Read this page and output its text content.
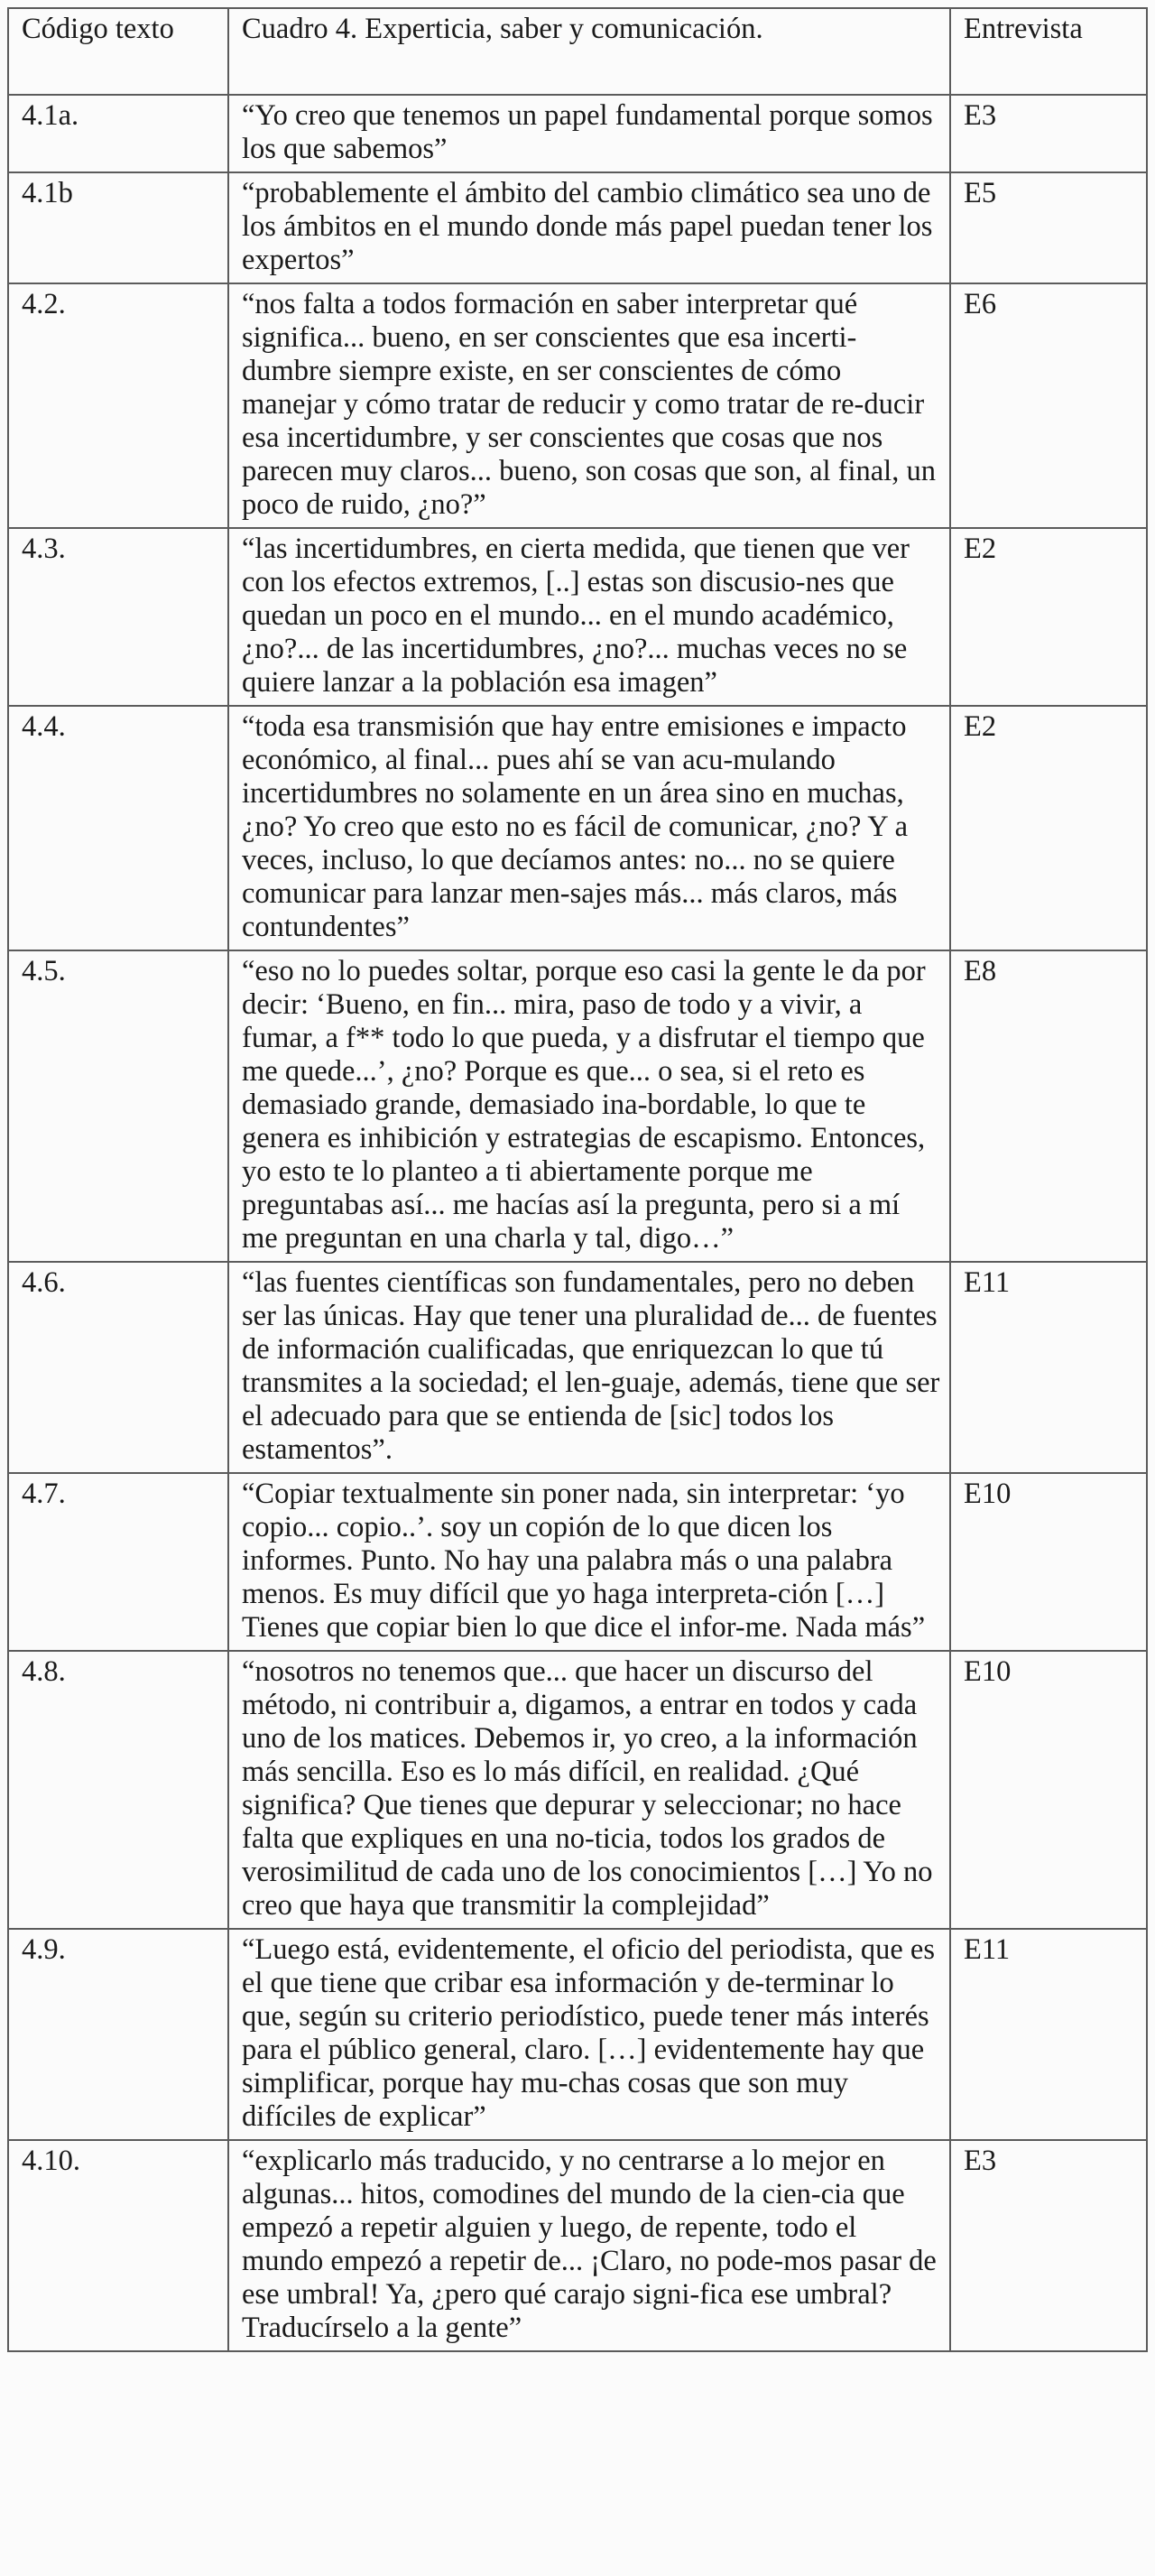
Código texto	Cuadro 4. Experticia, saber y comunicación.	Entrevista
4.1a.	“Yo creo que tenemos un papel fundamental porque somos los que sabemos”	E3
4.1b	“probablemente el ámbito del cambio climático sea uno de los ámbitos en el mundo donde más papel puedan tener los expertos”	E5
4.2.	“nos falta a todos formación en saber interpretar qué significa... bueno, en ser conscientes que esa incerti-dumbre siempre existe, en ser conscientes de cómo manejar y cómo tratar de reducir y como tratar de re-ducir esa incertidumbre, y ser conscientes que cosas que nos parecen muy claros... bueno, son cosas que son, al final, un poco de ruido, ¿no?”	E6
4.3.	“las incertidumbres, en cierta medida, que tienen que ver con los efectos extremos, [..] estas son discusio-nes que quedan un poco en el mundo... en el mundo académico, ¿no?... de las incertidumbres, ¿no?... muchas veces no se quiere lanzar a la población esa imagen”	E2
4.4.	“toda esa transmisión que hay entre emisiones e impacto económico, al final... pues ahí se van acu-mulando incertidumbres no solamente en un área sino en muchas, ¿no? Yo creo que esto no es fácil de comunicar, ¿no? Y a veces, incluso, lo que decíamos antes: no... no se quiere comunicar para lanzar men-sajes más... más claros, más contundentes”	E2
4.5.	“eso no lo puedes soltar, porque eso casi la gente le da por decir: ‘Bueno, en fin... mira, paso de todo y a vivir, a fumar, a f** todo lo que pueda, y a disfrutar el tiempo que me quede...’, ¿no? Porque es que... o sea, si el reto es demasiado grande, demasiado ina-bordable, lo que te genera es inhibición y estrategias de escapismo. Entonces, yo esto te lo planteo a ti abiertamente porque me preguntabas así... me hacías así la pregunta, pero si a mí me preguntan en una charla y tal, digo…”	E8
4.6.	“las fuentes científicas son fundamentales, pero no deben ser las únicas. Hay que tener una pluralidad de... de fuentes de información cualificadas, que enriquezcan lo que tú transmites a la sociedad; el len-guaje, además, tiene que ser el adecuado para que se entienda de [sic] todos los estamentos”.	E11
4.7.	“Copiar textualmente sin poner nada, sin interpretar: ‘yo copio... copio..’. soy un copión de lo que dicen los informes. Punto. No hay una palabra más o una palabra menos. Es muy difícil que yo haga interpreta-ción […] Tienes que copiar bien lo que dice el infor-me. Nada más”	E10
4.8.	“nosotros no tenemos que... que hacer un discurso del método, ni contribuir a, digamos, a entrar en todos y cada uno de los matices. Debemos ir, yo creo, a la información más sencilla. Eso es lo más difícil, en realidad. ¿Qué significa? Que tienes que depurar y seleccionar; no hace falta que expliques en una no-ticia, todos los grados de verosimilitud de cada uno de los conocimientos […] Yo no creo que haya que transmitir la complejidad”	E10
4.9.	“Luego está, evidentemente, el oficio del periodista, que es el que tiene que cribar esa información y de-terminar lo que, según su criterio periodístico, puede tener más interés para el público general, claro. […] evidentemente hay que simplificar, porque hay mu-chas cosas que son muy difíciles de explicar”	E11
4.10.	“explicarlo más traducido, y no centrarse a lo mejor en algunas... hitos, comodines del mundo de la cien-cia que empezó a repetir alguien y luego, de repente, todo el mundo empezó a repetir de... ¡Claro, no pode-mos pasar de ese umbral! Ya, ¿pero qué carajo signi-fica ese umbral? Traducírselo a la gente”	E3
